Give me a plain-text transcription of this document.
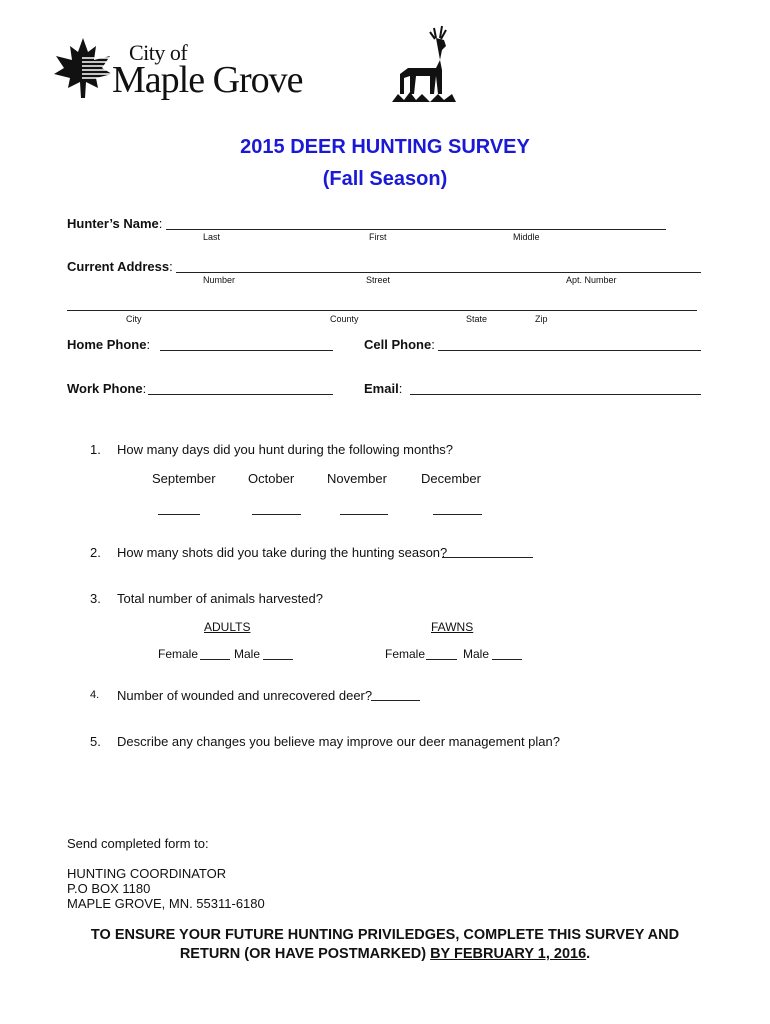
City of
Maple Grove
2015 DEER HUNTING SURVEY
(Fall Season)
Hunter’s Name:
Last	First	Middle
Current Address:
Number	Street	Apt. Number
City	County	State	Zip
Home Phone:	Cell Phone:
Work Phone:	Email:
1. How many days did you hunt during the following months?
September October	November	December
2. How many shots did you take during the hunting season?
3. Total number of animals harvested?
ADULTS	FAWNS
Female	Male	Female	Male
4. Number of wounded and unrecovered deer?
5. Describe any changes you believe may improve our deer management plan?
Send completed form to:
HUNTING COORDINATOR
P.O BOX 1180
MAPLE GROVE, MN. 55311-6180
TO ENSURE YOUR FUTURE HUNTING PRIVILEDGES, COMPLETE THIS SURVEY AND
RETURN (OR HAVE POSTMARKED) BY FEBRUARY 1, 2016.
